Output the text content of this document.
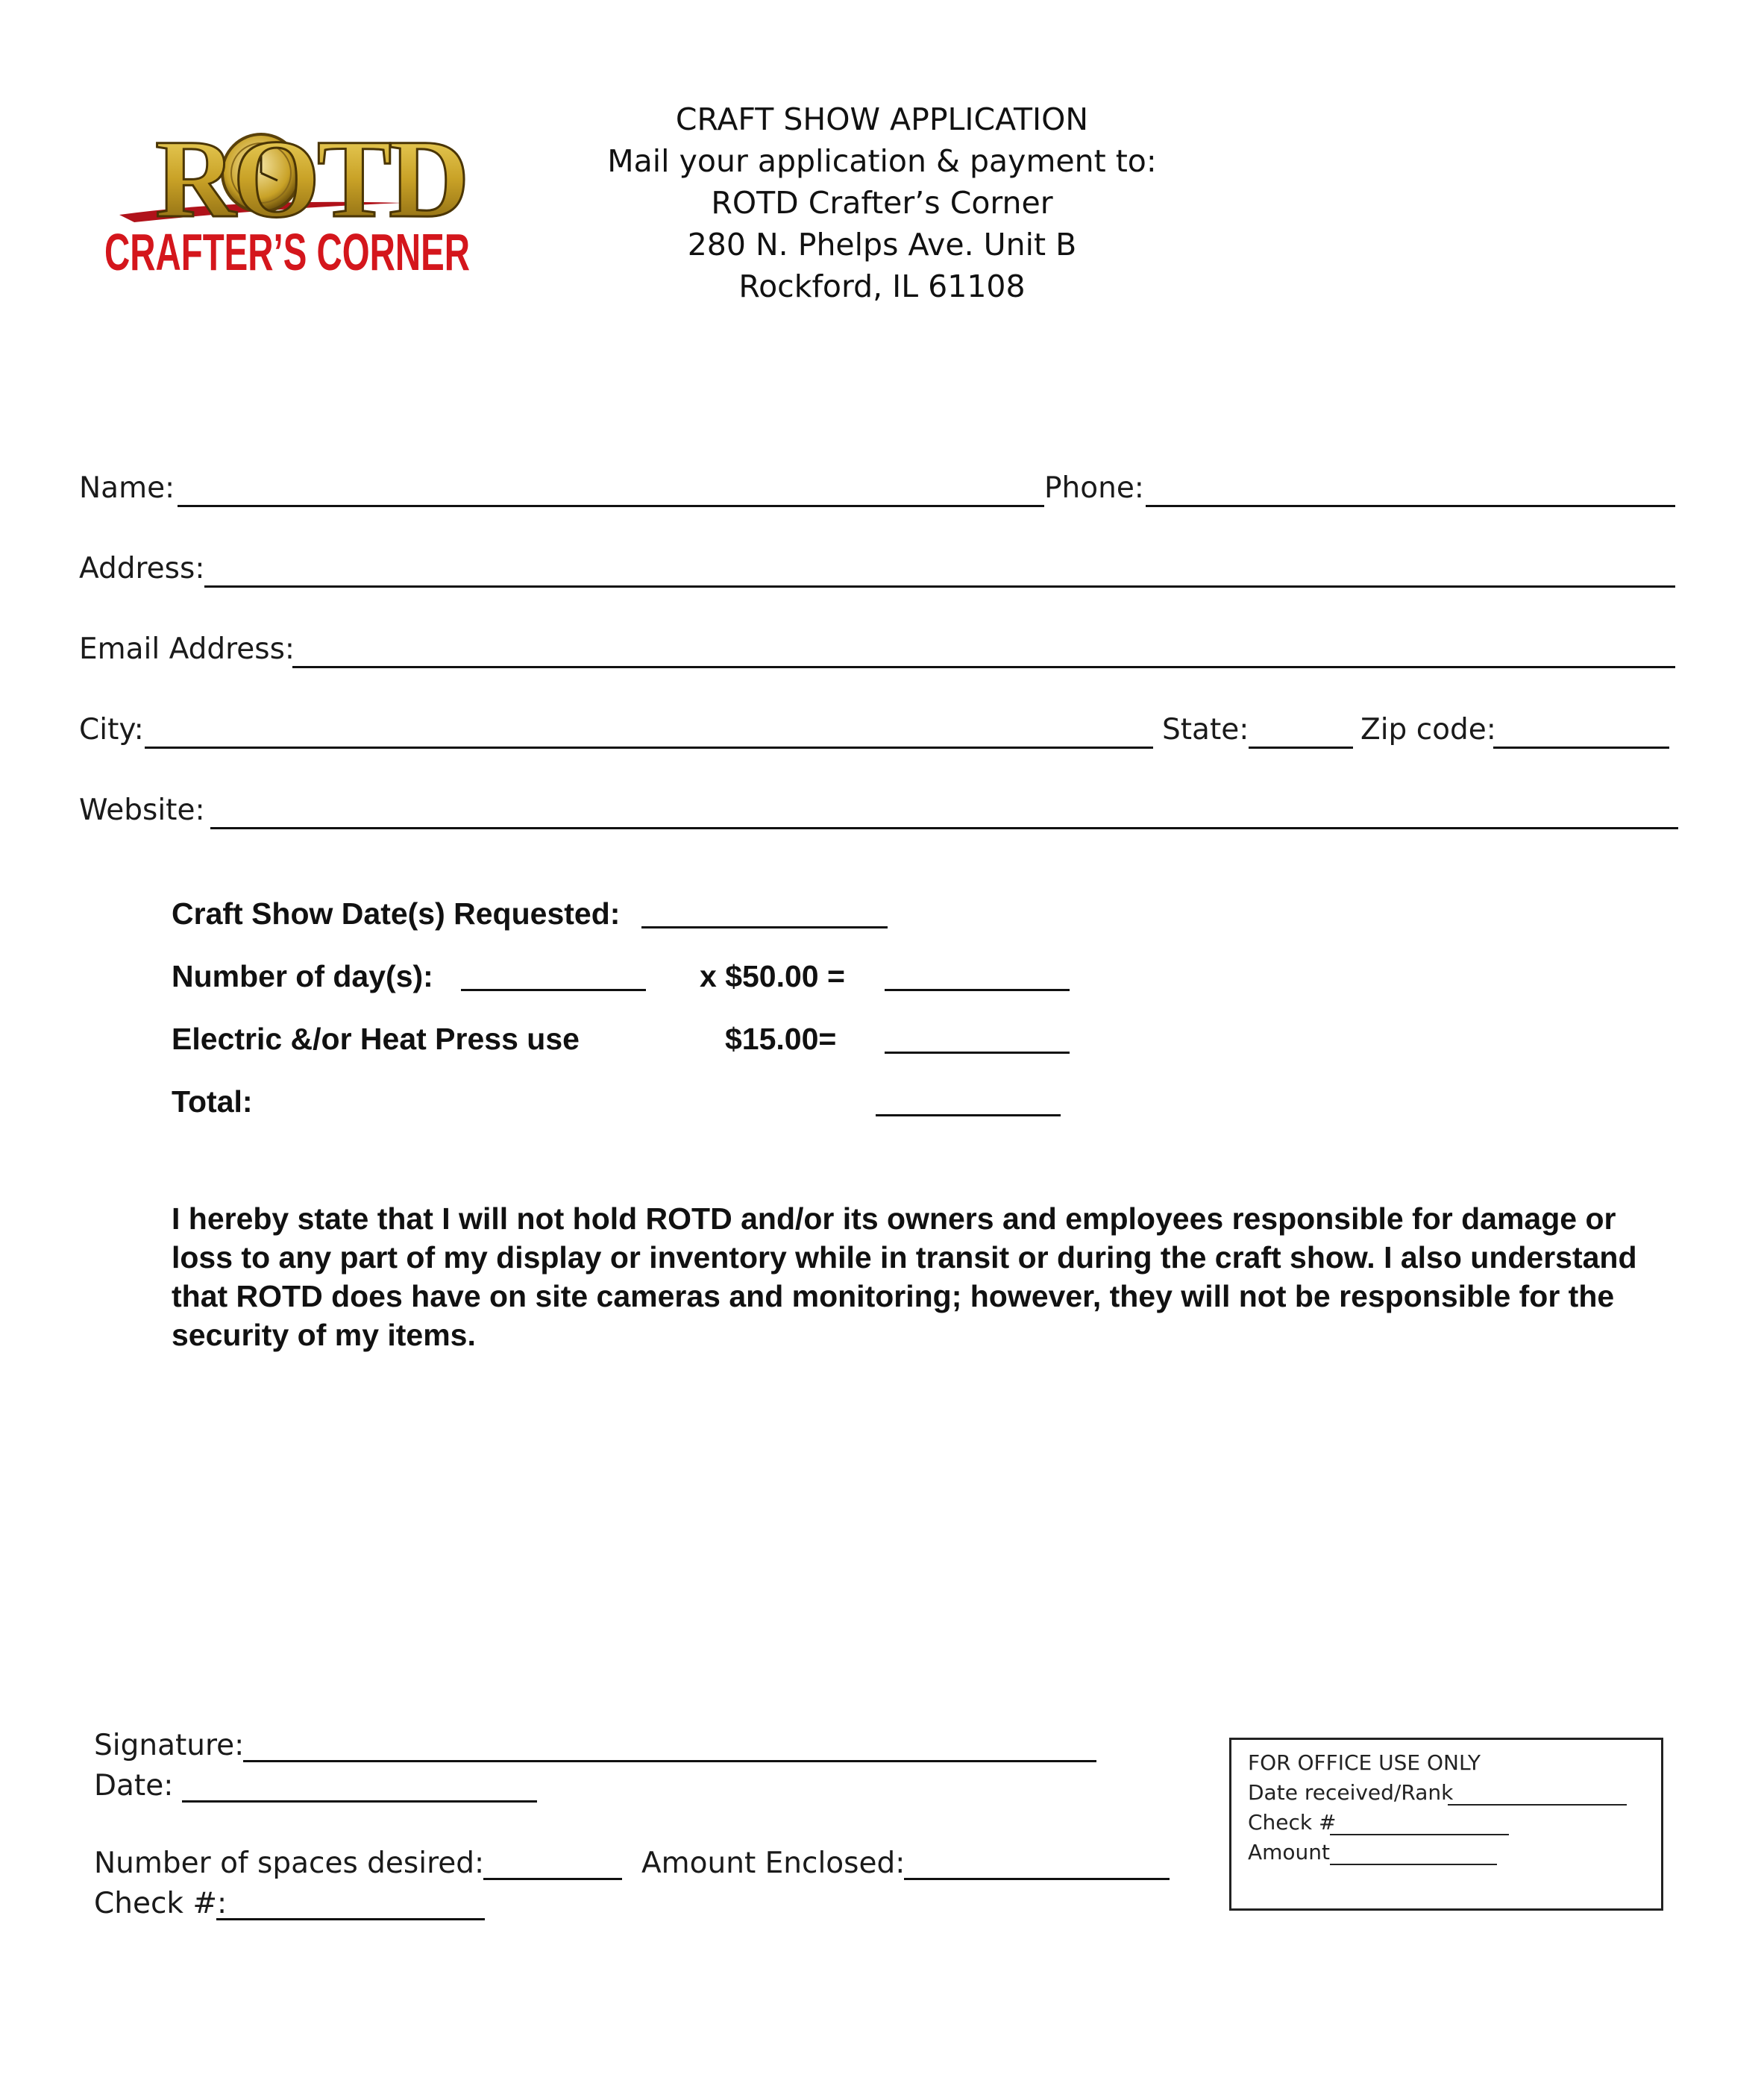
ROTD
CRAFTER’S CORNER
CRAFT SHOW APPLICATION
Mail your application & payment to:
ROTD Crafter’s Corner
280 N. Phelps Ave. Unit B
Rockford, IL 61108
Name:	Phone:
Address:
Email Address:
City:	State:	Zip code:
Website:
Craft Show Date(s) Requested:
Number of day(s):	x $50.00 =
Electric &/or Heat Press use	$15.00=
Total:
I hereby state that I will not hold ROTD and/or its owners and employees responsible for damage or loss to any part of my display or inventory while in transit or during the craft show. I also understand that ROTD does have on site cameras and monitoring; however, they will not be responsible for the security of my items.
Signature:
Date:
Number of spaces desired:	Amount Enclosed:
Check #:
FOR OFFICE USE ONLY
Date received/Rank
Check #
Amount
